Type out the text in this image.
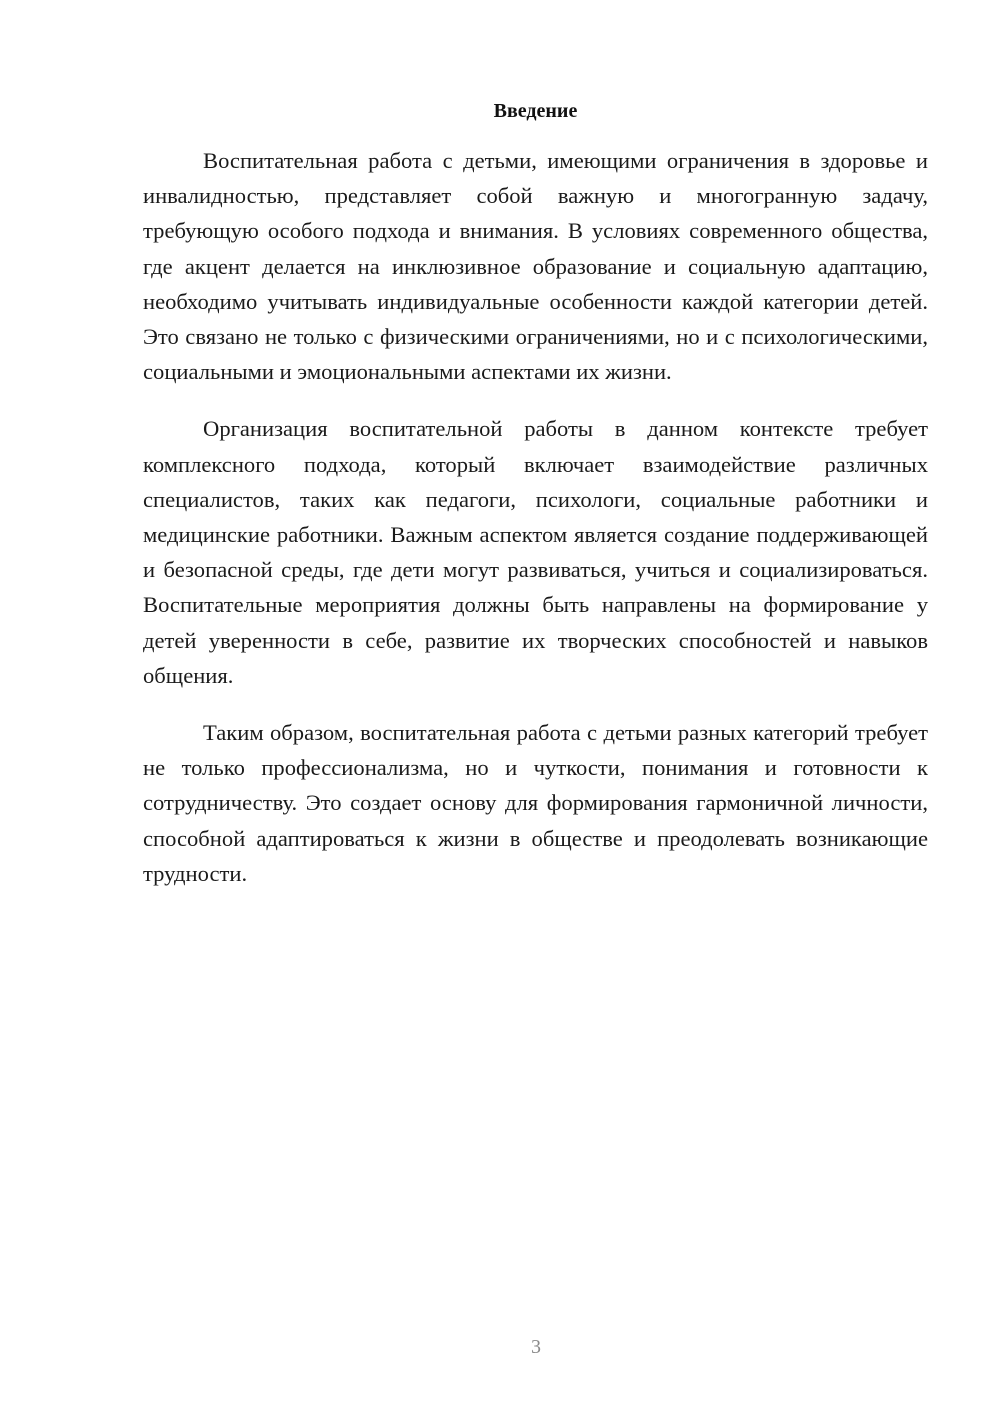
Введение

Воспитательная работа с детьми, имеющими ограничения в здоровье и инвалидностью, представляет собой важную и многогранную задачу, требующую особого подхода и внимания. В условиях современного общества, где акцент делается на инклюзивное образование и социальную адаптацию, необходимо учитывать индивидуальные особенности каждой категории детей. Это связано не только с физическими ограничениями, но и с психологическими, социальными и эмоциональными аспектами их жизни.

Организация воспитательной работы в данном контексте требует комплексного подхода, который включает взаимодействие различных специалистов, таких как педагоги, психологи, социальные работники и медицинские работники. Важным аспектом является создание поддерживающей и безопасной среды, где дети могут развиваться, учиться и социализироваться. Воспитательные мероприятия должны быть направлены на формирование у детей уверенности в себе, развитие их творческих способностей и навыков общения.

Таким образом, воспитательная работа с детьми разных категорий требует не только профессионализма, но и чуткости, понимания и готовности к сотрудничеству. Это создает основу для формирования гармоничной личности, способной адаптироваться к жизни в обществе и преодолевать возникающие трудности.

3
